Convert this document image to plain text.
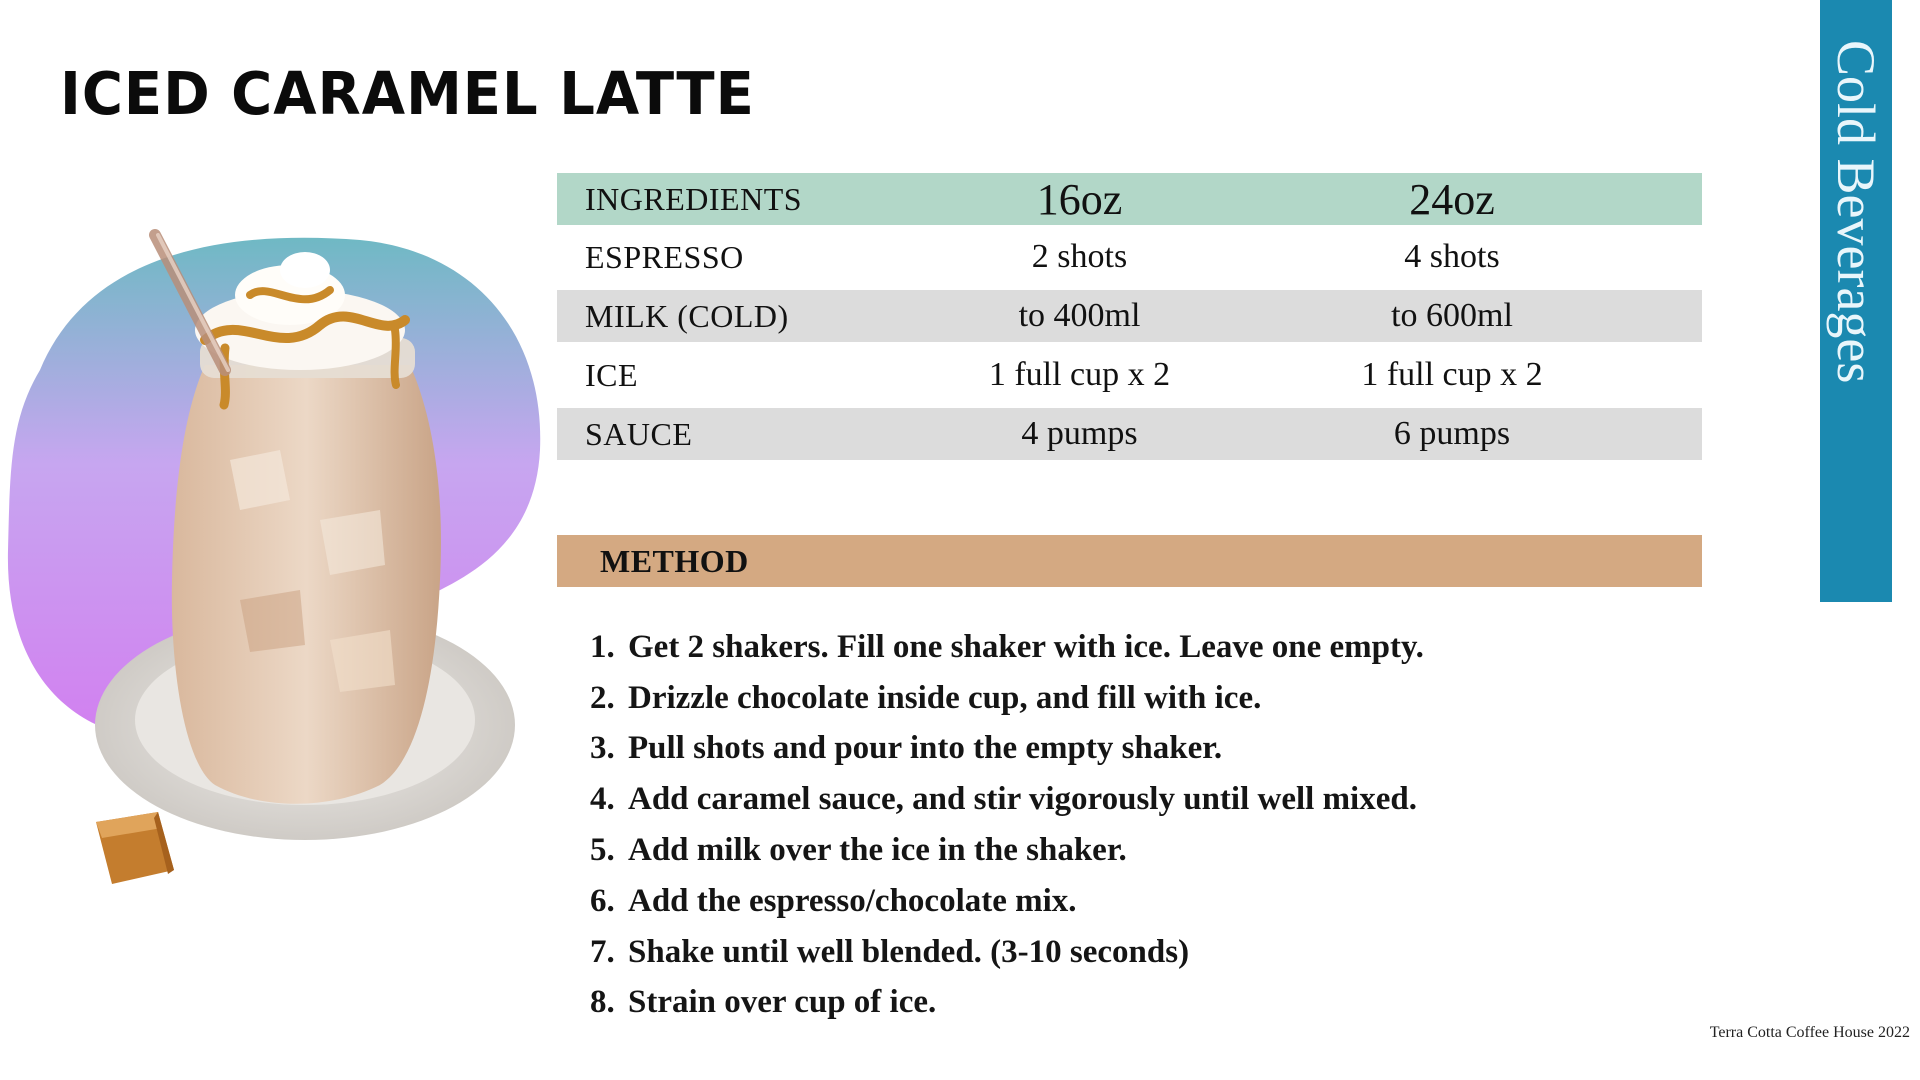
ICED CARAMEL LATTE	Cold Beverages
INGREDIENTS	16oz	24oz
ESPRESSO	2 shots	4 shots
MILK (COLD)	to 400ml	to 600ml
ICE	1 full cup x 2	1 full cup x 2
SAUCE	4 pumps	6 pumps
METHOD
1. Get 2 shakers. Fill one shaker with ice. Leave one empty.
2. Drizzle chocolate inside cup, and fill with ice.
3. Pull shots and pour into the empty shaker.
4. Add caramel sauce, and stir vigorously until well mixed.
5. Add milk over the ice in the shaker.
6. Add the espresso/chocolate mix.
7. Shake until well blended. (3-10 seconds)
8. Strain over cup of ice.
Terra Cotta Coffee House 2022
